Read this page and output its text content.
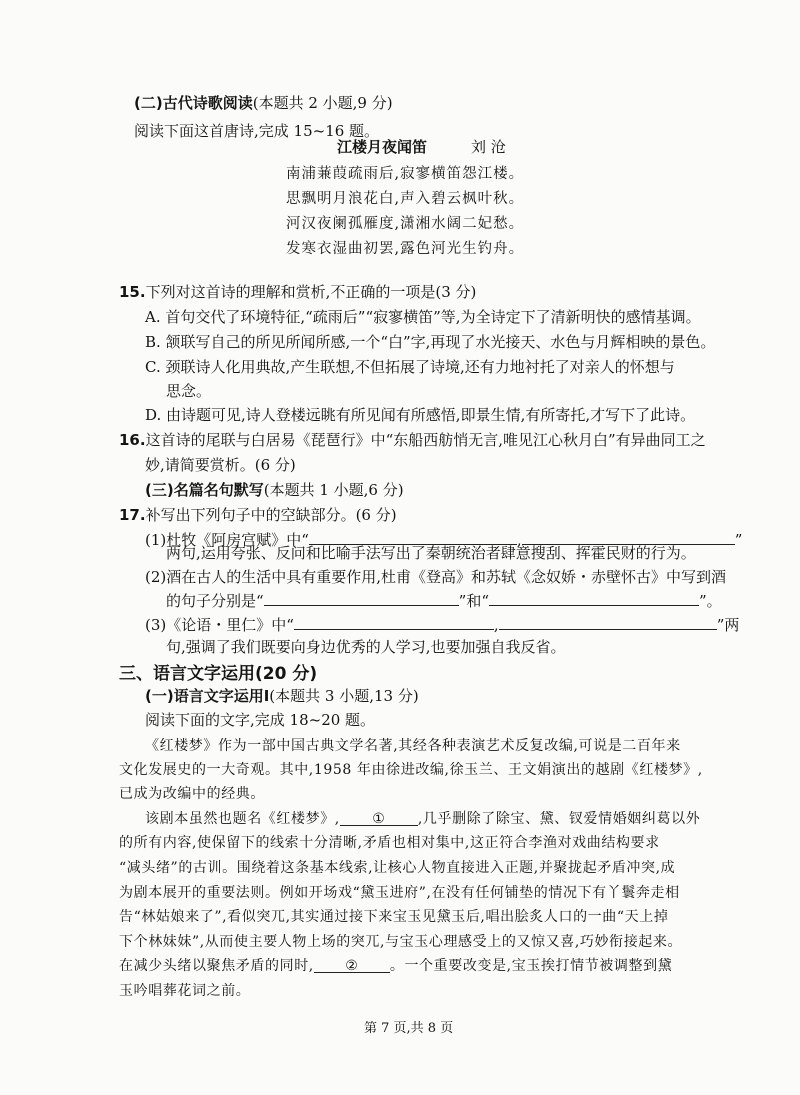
(二)古代诗歌阅读(本题共 2 小题,9 分)
阅读下面这首唐诗,完成 15~16 题。
江楼月夜闻笛	刘 沧
南浦蒹葭疏雨后,寂寥横笛怨江楼。
思飘明月浪花白,声入碧云枫叶秋。
河汉夜阑孤雁度,潇湘水阔二妃愁。
发寒衣湿曲初罢,露色河光生钓舟。
15.下列对这首诗的理解和赏析,不正确的一项是(3 分)
A. 首句交代了环境特征,“疏雨后”“寂寥横笛”等,为全诗定下了清新明快的感情基调。
B. 颔联写自己的所见所闻所感,一个“白”字,再现了水光接天、水色与月辉相映的景色。
C. 颈联诗人化用典故,产生联想,不但拓展了诗境,还有力地衬托了对亲人的怀想与
思念。
D. 由诗题可见,诗人登楼远眺有所见闻有所感悟,即景生情,有所寄托,才写下了此诗。
16.这首诗的尾联与白居易《琵琶行》中“东船西舫悄无言,唯见江心秋月白”有异曲同工之
妙,请简要赏析。(6 分)
(三)名篇名句默写(本题共 1 小题,6 分)
17.补写出下列句子中的空缺部分。(6 分)
(1)杜牧《阿房宫赋》中“	,	”
两句,运用夸张、反问和比喻手法写出了秦朝统治者肆意搜刮、挥霍民财的行为。
(2)酒在古人的生活中具有重要作用,杜甫《登高》和苏轼《念奴娇・赤壁怀古》中写到酒
的句子分别是“	”和“	”。
(3)《论语・里仁》中“	,	”两
句,强调了我们既要向身边优秀的人学习,也要加强自我反省。
三、语言文字运用(20 分)
(一)语言文字运用Ⅰ(本题共 3 小题,13 分)
阅读下面的文字,完成 18~20 题。
《红楼梦》作为一部中国古典文学名著,其经各种表演艺术反复改编,可说是二百年来
文化发展史的一大奇观。其中,1958 年由徐进改编,徐玉兰、王文娟演出的越剧《红楼梦》,
已成为改编中的经典。
该剧本虽然也题名《红楼梦》, ① ,几乎删除了除宝、黛、钗爱情婚姻纠葛以外
的所有内容,使保留下的线索十分清晰,矛盾也相对集中,这正符合李渔对戏曲结构要求
“减头绪”的古训。围绕着这条基本线索,让核心人物直接进入正题,并聚拢起矛盾冲突,成
为剧本展开的重要法则。例如开场戏“黛玉进府”,在没有任何铺垫的情况下有丫鬟奔走相
告“林姑娘来了”,看似突兀,其实通过接下来宝玉见黛玉后,唱出脍炙人口的一曲“天上掉
下个林妹妹”,从而使主要人物上场的突兀,与宝玉心理感受上的又惊又喜,巧妙衔接起来。
在减少头绪以聚焦矛盾的同时, ② 。一个重要改变是,宝玉挨打情节被调整到黛
玉吟唱葬花词之前。
第 7 页,共 8 页
